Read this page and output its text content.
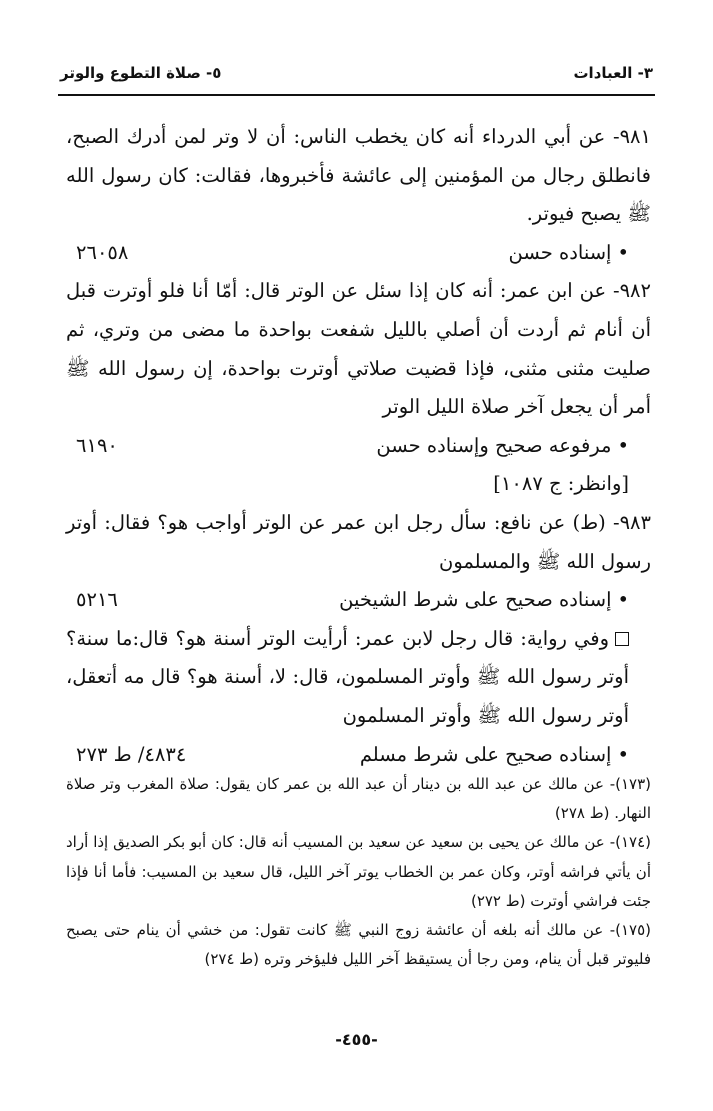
٣- العبادات
٥- صلاة التطوع والوتر

٩٨١- عن أبي الدرداء أنه كان يخطب الناس: أن لا وتر لمن أدرك الصبح، فانطلق رجال من المؤمنين إلى عائشة فأخبروها، فقالت: كان رسول الله ﷺ يصبح فيوتر.

•إسناده حسن
٢٦٠٥٨

٩٨٢- عن ابن عمر: أنه كان إذا سئل عن الوتر قال: أمّا أنا فلو أوترت قبل أن أنام ثم أردت أن أصلي بالليل شفعت بواحدة ما مضى من وتري، ثم صليت مثنى مثنى، فإذا قضيت صلاتي أوترت بواحدة، إن رسول الله ﷺ أمر أن يجعل آخر صلاة الليل الوتر

•مرفوعه صحيح وإسناده حسن
٦١٩٠
[وانظر: ج ١٠٨٧]

٩٨٣- (ط) عن نافع: سأل رجل ابن عمر عن الوتر أواجب هو؟ فقال: أوتر رسول الله ﷺ والمسلمون

•إسناده صحيح على شرط الشيخين
٥٢١٦

وفي رواية: قال رجل لابن عمر: أرأيت الوتر أسنة هو؟ قال:ما سنة؟ أوتر رسول الله ﷺ وأوتر المسلمون، قال: لا، أسنة هو؟ قال مه أتعقل، أوتر رسول الله ﷺ وأوتر المسلمون

•إسناده صحيح على شرط مسلم
٤٨٣٤/ ط ٢٧٣

(١٧٣)- عن مالك عن عبد الله بن دينار أن عبد الله بن عمر كان يقول: صلاة المغرب وتر صلاة النهار. (ط ٢٧٨)

(١٧٤)- عن مالك عن يحيى بن سعيد عن سعيد بن المسيب أنه قال: كان أبو بكر الصديق إذا أراد أن يأتي فراشه أوتر، وكان عمر بن الخطاب يوتر آخر الليل، قال سعيد بن المسيب: فأما أنا فإذا جئت فراشي أوترت (ط ٢٧٢)

(١٧٥)- عن مالك أنه بلغه أن عائشة زوج النبي ﷺ كانت تقول: من خشي أن ينام حتى يصبح فليوتر قبل أن ينام، ومن رجا أن يستيقظ آخر الليل فليؤخر وتره (ط ٢٧٤)

-٤٥٥-
